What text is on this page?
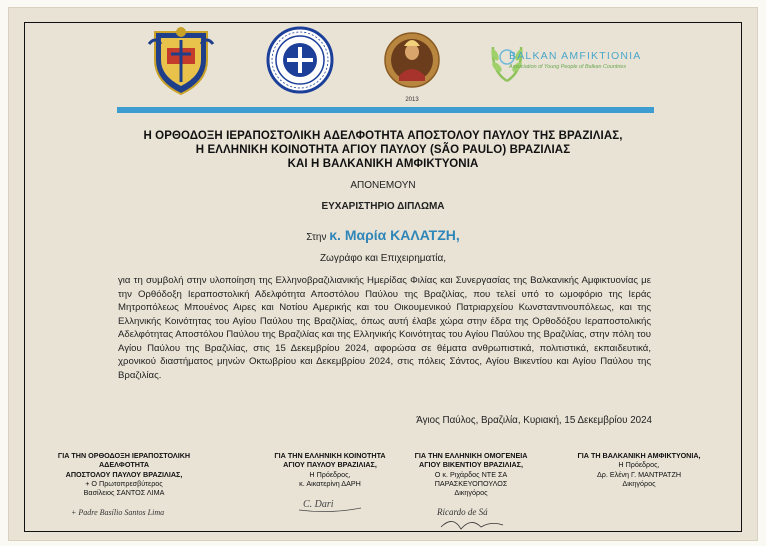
2013
BALKAN AMFIKTIONIA
Association of Young People of Balkan Countries
Η ΟΡΘΟΔΟΞΗ ΙΕΡΑΠΟΣΤΟΛΙΚΗ ΑΔΕΛΦΟΤΗΤΑ ΑΠΟΣΤΟΛΟΥ ΠΑΥΛΟΥ ΤΗΣ ΒΡΑΖΙΛΙΑΣ,
Η ΕΛΛΗΝΙΚΗ ΚΟΙΝΟΤΗΤΑ ΑΓΙΟΥ ΠΑΥΛΟΥ (SÃO PAULO) ΒΡΑΖΙΛΙΑΣ
ΚΑΙ Η ΒΑΛΚΑΝΙΚΗ ΑΜΦΙΚΤΥΟΝΙΑ
ΑΠΟΝΕΜΟΥΝ
ΕΥΧΑΡΙΣΤΗΡΙΟ ΔΙΠΛΩΜΑ
Στην κ. Μαρία ΚΑΛΑΤΖΗ,
Ζωγράφο και Επιχειρηματία,
για τη συμβολή στην υλοποίηση της Ελληνοβραζιλιανικής Ημερίδας Φιλίας και Συνεργασίας της Βαλκανικής Αμφικτυονίας με την Ορθόδοξη Ιεραποστολική Αδελφότητα Αποστόλου Παύλου της Βραζιλίας, που τελεί υπό το ωμοφόριο της Ιεράς Μητροπόλεως Μπουένος Αιρες και Νοτίου Αμερικής και του Οικουμενικού Πατριαρχείου Κωνσταντινουπόλεως, και της Ελληνικής Κοινότητας του Αγίου Παύλου της Βραζιλίας, όπως αυτή έλαβε χώρα στην έδρα της Ορθοδόξου Ιεραποστολικής Αδελφότητας Αποστόλου Παύλου της Βραζιλίας και της Ελληνικής Κοινότητας του Αγίου Παύλου της Βραζιλίας, στην πόλη του Αγίου Παύλου της Βραζιλίας, στις 15 Δεκεμβρίου 2024, αφορώσα σε θέματα ανθρωπιστικά, πολιτιστικά, εκπαιδευτικά, χρονικού διαστήματος μηνών Οκτωβρίου και Δεκεμβρίου 2024, στις πόλεις Σάντος, Αγίου Βικεντίου και Αγίου Παύλου της Βραζιλίας.
Άγιος Παύλος, Βραζιλία, Κυριακή, 15 Δεκεμβρίου 2024
ΓΙΑ ΤΗΝ ΟΡΘΟΔΟΞΗ ΙΕΡΑΠΟΣΤΟΛΙΚΗ ΑΔΕΛΦΟΤΗΤΑ
ΑΠΟΣΤΟΛΟΥ ΠΑΥΛΟΥ ΒΡΑΖΙΛΙΑΣ,
+ Ο Πρωτοπρεσβύτερος
Βασίλειος ΣΑΝΤΟΣ ΛΙΜΑ
+ Padre Basílio Santos Lima
ΓΙΑ ΤΗΝ ΕΛΛΗΝΙΚΗ ΚΟΙΝΟΤΗΤΑ
ΑΓΙΟΥ ΠΑΥΛΟΥ ΒΡΑΖΙΛΙΑΣ,
Η Πρόεδρος,
κ. Αικατερίνη ΔΑΡΗ
C. Dari
ΓΙΑ ΤΗΝ ΕΛΛΗΝΙΚΗ ΟΜΟΓΕΝΕΙΑ
ΑΓΙΟΥ ΒΙΚΕΝΤΙΟΥ ΒΡΑΖΙΛΙΑΣ,
Ο κ. Ριχάρδος ΝΤΕ ΣΑ ΠΑΡΑΣΚΕΥΟΠΟΥΛΟΣ
Δικηγόρος
Ricardo de Sá
ΓΙΑ ΤΗ ΒΑΛΚΑΝΙΚΗ ΑΜΦΙΚΤΥΟΝΙΑ,
Η Πρόεδρος,
Δρ. Ελένη Γ. ΜΑΝΤΡΑΤΖΗ
Δικηγόρος
